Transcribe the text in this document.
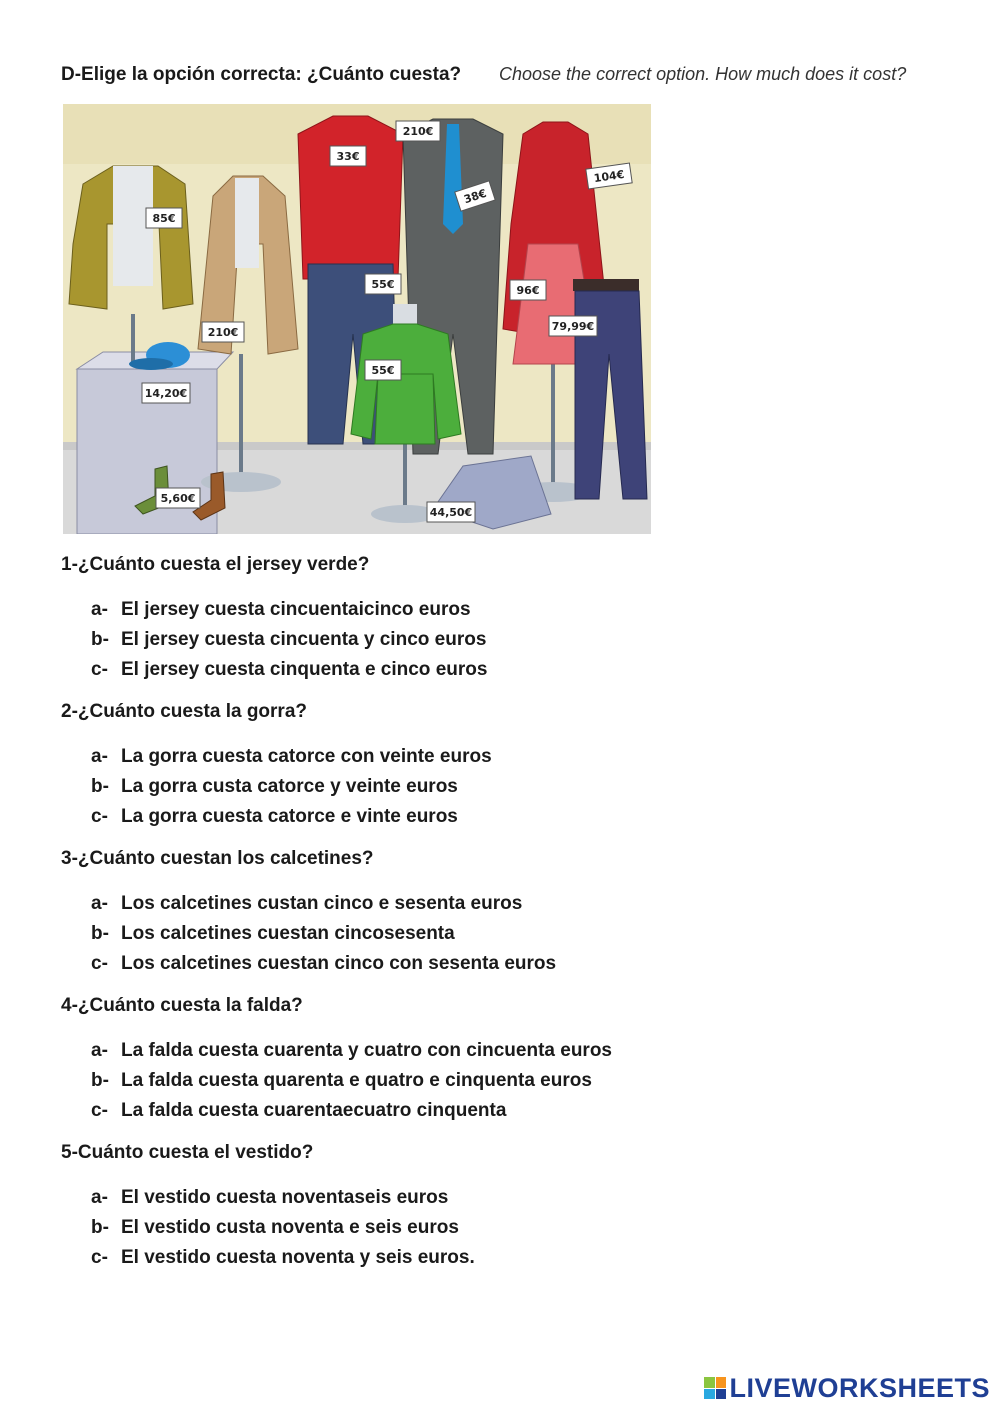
D-Elige la opción correcta: ¿Cuánto cuesta? Choose the correct option. How much does it cost?
85€
210€
33€
210€
38€
55€
55€
14,20€
5,60€
44,50€
104€
96€
79,99€
1-¿Cuánto cuesta el jersey verde?
a- El jersey cuesta cincuentaicinco euros
b- El jersey cuesta cincuenta y cinco euros
c- El jersey cuesta cinquenta e cinco euros
2-¿Cuánto cuesta la gorra?
a- La gorra cuesta catorce con veinte euros
b- La gorra custa catorce y veinte euros
c- La gorra cuesta catorce e vinte euros
3-¿Cuánto cuestan los calcetines?
a- Los calcetines custan cinco e sesenta euros
b- Los calcetines cuestan cincosesenta
c- Los calcetines cuestan cinco con sesenta euros
4-¿Cuánto cuesta la falda?
a- La falda cuesta cuarenta y cuatro con cincuenta euros
b- La falda cuesta quarenta e quatro e cinquenta euros
c- La falda cuesta cuarentaecuatro cinquenta
5-Cuánto cuesta el vestido?
a- El vestido cuesta noventaseis euros
b- El vestido custa noventa e seis euros
c- El vestido cuesta noventa y seis euros.
LIVEWORKSHEETS
